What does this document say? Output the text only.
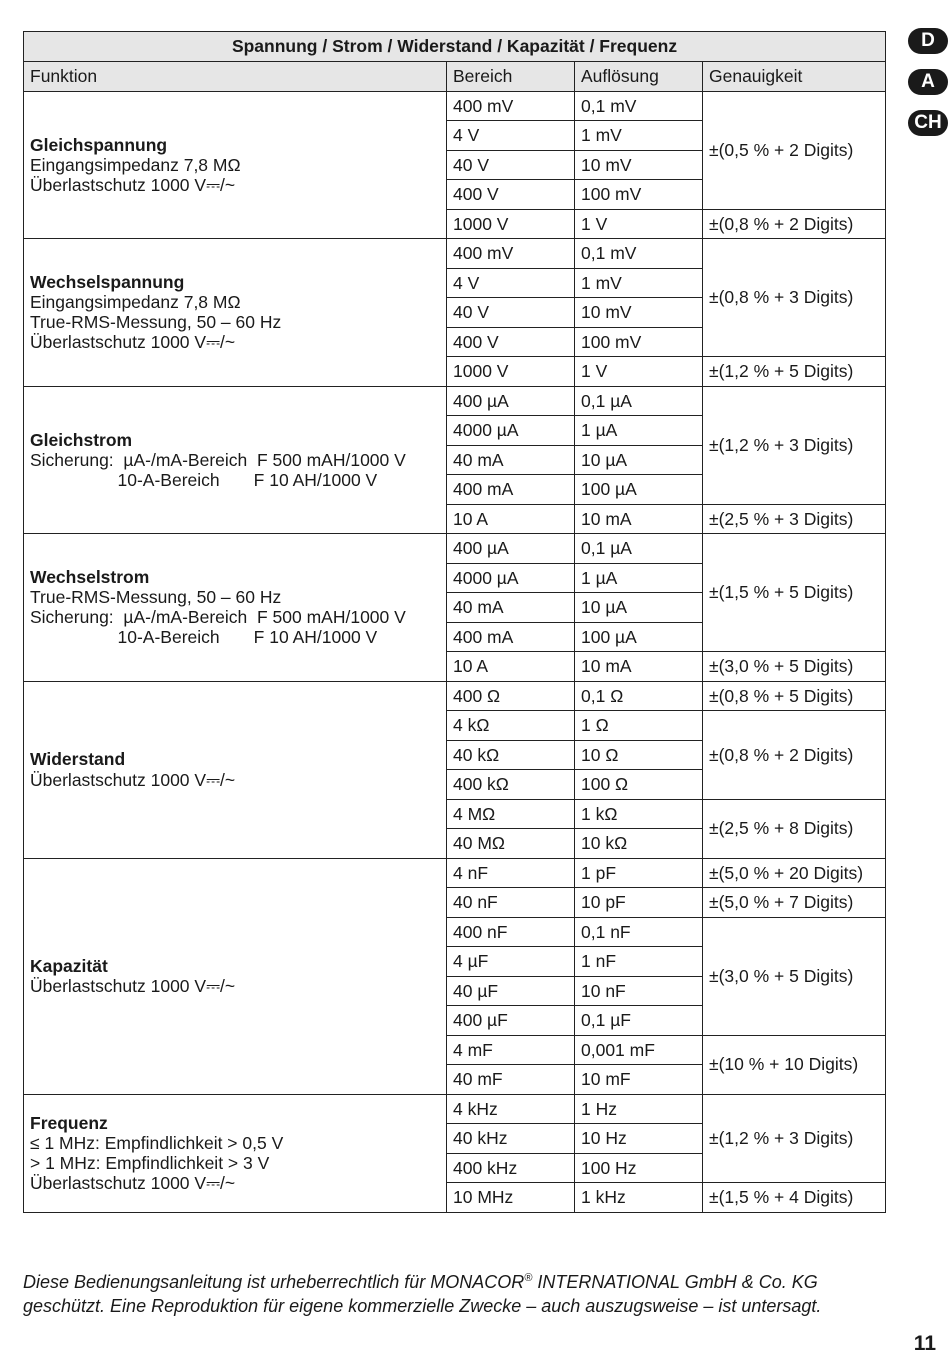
D
A
CH
Spannung / Strom / Widerstand / Kapazität / Frequenz			
Funktion	Bereich	Auflösung	Genauigkeit

Gleichspannung
Eingangsimpedanz 7,8 MΩ
Überlastschutz 1000 V⎓/~	400 mV	0,1 mV	±(0,5 % + 2 Digits)
	4 V	1 mV	
	40 V	10 mV	
	400 V	100 mV	
	1000 V	1 V	±(0,8 % + 2 Digits)

Wechselspannung
Eingangsimpedanz 7,8 MΩ
True-RMS-Messung, 50 – 60 Hz
Überlastschutz 1000 V⎓/~	400 mV	0,1 mV	±(0,8 % + 3 Digits)
	4 V	1 mV	
	40 V	10 mV	
	400 V	100 mV	
	1000 V	1 V	±(1,2 % + 5 Digits)

Gleichstrom
Sicherung:  µA-/mA-Bereich  F 500 mAH/1000 V
10-A-Bereich       F 10 AH/1000 V	400 µA	0,1 µA	±(1,2 % + 3 Digits)
	4000 µA	1 µA	
	40 mA	10 µA	
	400 mA	100 µA	
	10 A	10 mA	±(2,5 % + 3 Digits)

Wechselstrom
True-RMS-Messung, 50 – 60 Hz
Sicherung:  µA-/mA-Bereich  F 500 mAH/1000 V
10-A-Bereich       F 10 AH/1000 V	400 µA	0,1 µA	±(1,5 % + 5 Digits)
	4000 µA	1 µA	
	40 mA	10 µA	
	400 mA	100 µA	
	10 A	10 mA	±(3,0 % + 5 Digits)

Widerstand
Überlastschutz 1000 V⎓/~	400 Ω	0,1 Ω	±(0,8 % + 5 Digits)
	4 kΩ	1 Ω	±(0,8 % + 2 Digits)
	40 kΩ	10 Ω	
	400 kΩ	100 Ω	
	4 MΩ	1 kΩ	±(2,5 % + 8 Digits)
	40 MΩ	10 kΩ	

Kapazität
Überlastschutz 1000 V⎓/~	4 nF	1 pF	±(5,0 % + 20 Digits)
	40 nF	10 pF	±(5,0 % + 7 Digits)
	400 nF	0,1 nF	±(3,0 % + 5 Digits)
	4 µF	1 nF	
	40 µF	10 nF	
	400 µF	0,1 µF	
	4 mF	0,001 mF	±(10 % + 10 Digits)
	40 mF	10 mF	

Frequenz
≤ 1 MHz: Empfindlichkeit > 0,5 V
> 1 MHz: Empfindlichkeit > 3 V
Überlastschutz 1000 V⎓/~	4 kHz	1 Hz	±(1,2 % + 3 Digits)
	40 kHz	10 Hz	
	400 kHz	100 Hz	
	10 MHz	1 kHz	±(1,5 % + 4 Digits)
Diese Bedienungsanleitung ist urheberrechtlich für MONACOR® INTERNATIONAL GmbH & Co. KG
geschützt. Eine Reproduktion für eigene kommerzielle Zwecke – auch auszugsweise – ist untersagt.
11
